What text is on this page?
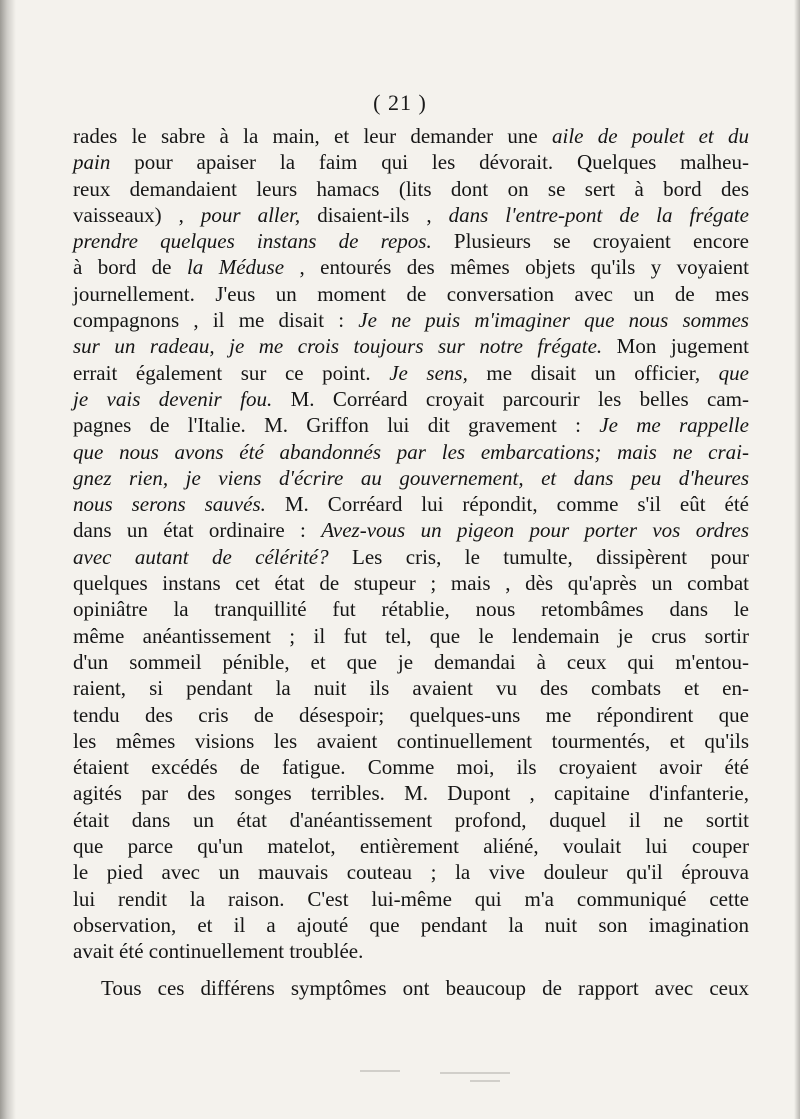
( 21 )
rades le sabre à la main, et leur demander une aile de poulet et du
pain pour apaiser la faim qui les dévorait. Quelques malheu-
reux demandaient leurs hamacs (lits dont on se sert à bord des
vaisseaux) , pour aller, disaient-ils , dans l'entre-pont de la frégate
prendre quelques instans de repos. Plusieurs se croyaient encore
à bord de la Méduse , entourés des mêmes objets qu'ils y voyaient
journellement. J'eus un moment de conversation avec un de mes
compagnons , il me disait : Je ne puis m'imaginer que nous sommes
sur un radeau, je me crois toujours sur notre frégate. Mon jugement
errait également sur ce point. Je sens, me disait un officier, que
je vais devenir fou. M. Corréard croyait parcourir les belles cam-
pagnes de l'Italie. M. Griffon lui dit gravement : Je me rappelle
que nous avons été abandonnés par les embarcations; mais ne crai-
gnez rien, je viens d'écrire au gouvernement, et dans peu d'heures
nous serons sauvés. M. Corréard lui répondit, comme s'il eût été
dans un état ordinaire : Avez-vous un pigeon pour porter vos ordres
avec autant de célérité? Les cris, le tumulte, dissipèrent pour
quelques instans cet état de stupeur ; mais , dès qu'après un combat
opiniâtre la tranquillité fut rétablie, nous retombâmes dans le
même anéantissement ; il fut tel, que le lendemain je crus sortir
d'un sommeil pénible, et que je demandai à ceux qui m'entou-
raient, si pendant la nuit ils avaient vu des combats et en-
tendu des cris de désespoir; quelques-uns me répondirent que
les mêmes visions les avaient continuellement tourmentés, et qu'ils
étaient excédés de fatigue. Comme moi, ils croyaient avoir été
agités par des songes terribles. M. Dupont , capitaine d'infanterie,
était dans un état d'anéantissement profond, duquel il ne sortit
que parce qu'un matelot, entièrement aliéné, voulait lui couper
le pied avec un mauvais couteau ; la vive douleur qu'il éprouva
lui rendit la raison. C'est lui-même qui m'a communiqué cette
observation, et il a ajouté que pendant la nuit son imagination
avait été continuellement troublée.
Tous ces différens symptômes ont beaucoup de rapport avec ceux
